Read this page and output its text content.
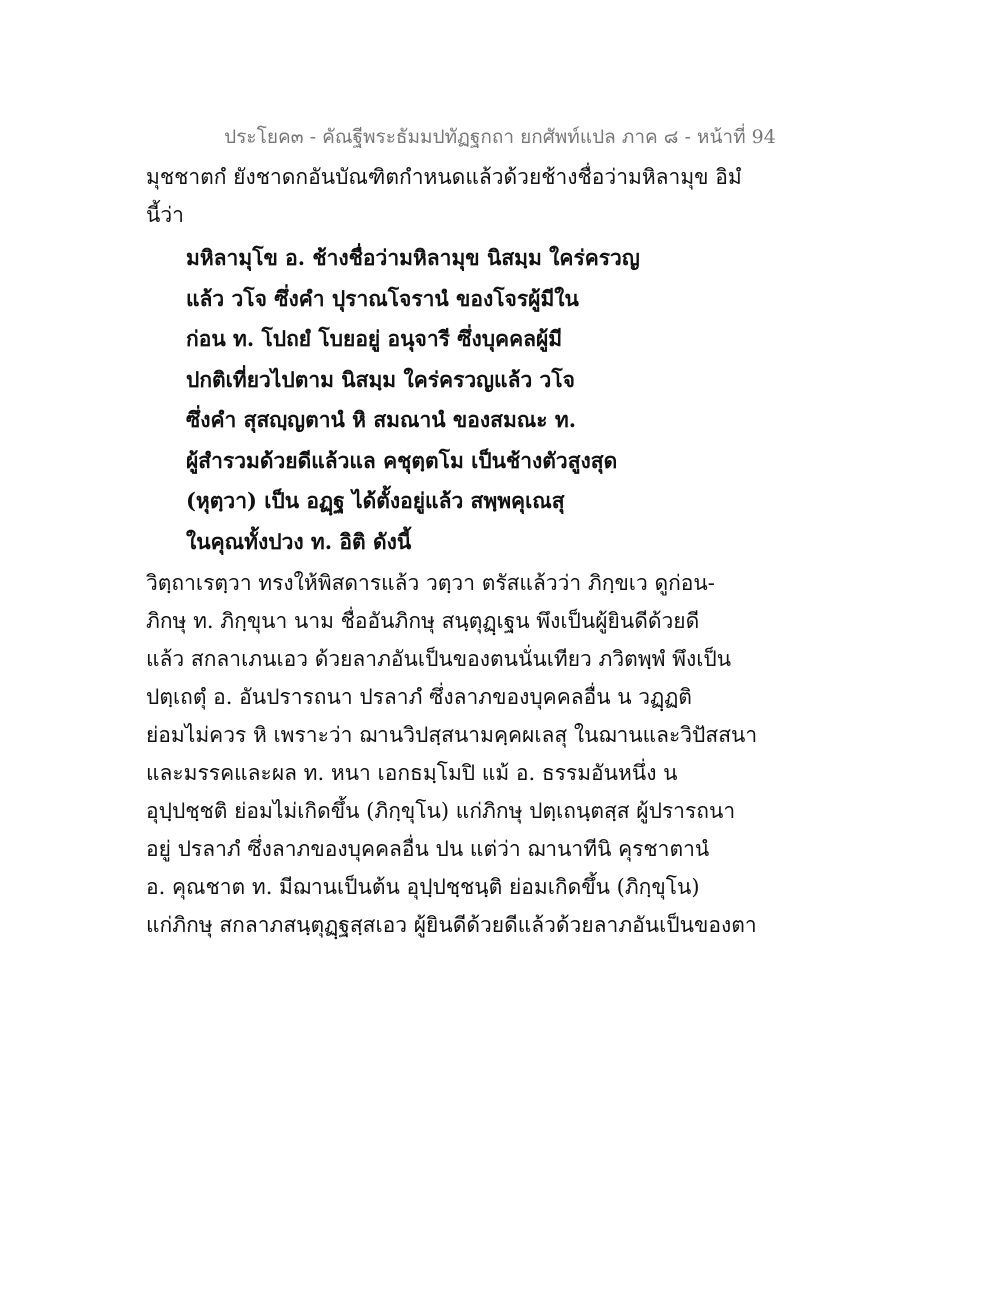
ประโยค๓ - คัณฐีพระธัมมปทัฏฐกถา ยกศัพท์แปล ภาค ๘ - หน้าที่ 94
มุชชาตกํ ยังชาดกอันบัณฑิตกำหนดแล้วด้วยช้างชื่อว่ามหิลามุข อิมํ
นี้ว่า
มหิลามุโข อ. ช้างชื่อว่ามหิลามุข นิสมฺม ใคร่ครวญ
แล้ว วโจ ซึ่งคำ ปุราณโจรานํ ของโจรผู้มีใน
ก่อน ท. โปถยํ โบยอยู่ อนุจารี ซึ่งบุคคลผู้มี
ปกติเที่ยวไปตาม นิสมฺม ใคร่ครวญแล้ว วโจ
ซึ่งคำ สุสญฺญตานํ หิ สมณานํ ของสมณะ ท.
ผู้สำรวมด้วยดีแล้วแล คชุตฺตโม เป็นช้างตัวสูงสุด
(หุตฺวา) เป็น อฏฺฐ ได้ตั้งอยู่แล้ว สพฺพคุเณสุ
ในคุณทั้งปวง ท. อิติ ดังนี้
วิตฺถาเรตฺวา ทรงให้พิสดารแล้ว วตฺวา ตรัสแล้วว่า ภิกฺขเว ดูก่อน-
ภิกษุ ท. ภิกฺขุนา นาม ชื่ออันภิกษุ สนฺตุฏฺเฐน พึงเป็นผู้ยินดีด้วยดี
แล้ว สกลาเภนเอว ด้วยลาภอันเป็นของตนนั่นเทียว ภวิตพฺพํ พึงเป็น
ปตฺเถตุํ อ. อันปรารถนา ปรลาภํ ซึ่งลาภของบุคคลอื่น น วฏฺฏติ
ย่อมไม่ควร หิ เพราะว่า ฌานวิปสฺสนามคฺคผเลสุ ในฌานและวิปัสสนา
และมรรคและผล ท. หนา เอกธมฺโมปิ แม้ อ. ธรรมอันหนึ่ง น
อุปฺปชฺชติ ย่อมไม่เกิดขึ้น (ภิกฺขุโน) แก่ภิกษุ ปตฺเถนฺตสฺส ผู้ปรารถนา
อยู่ ปรลาภํ ซึ่งลาภของบุคคลอื่น ปน แต่ว่า ฌานาทีนิ คุรชาตานํ
อ. คุณชาต ท. มีฌานเป็นต้น อุปฺปชฺชนฺติ ย่อมเกิดขึ้น (ภิกฺขุโน)
แก่ภิกษุ สกลาภสนฺตุฏฺฐสฺสเอว ผู้ยินดีด้วยดีแล้วด้วยลาภอันเป็นของตา
